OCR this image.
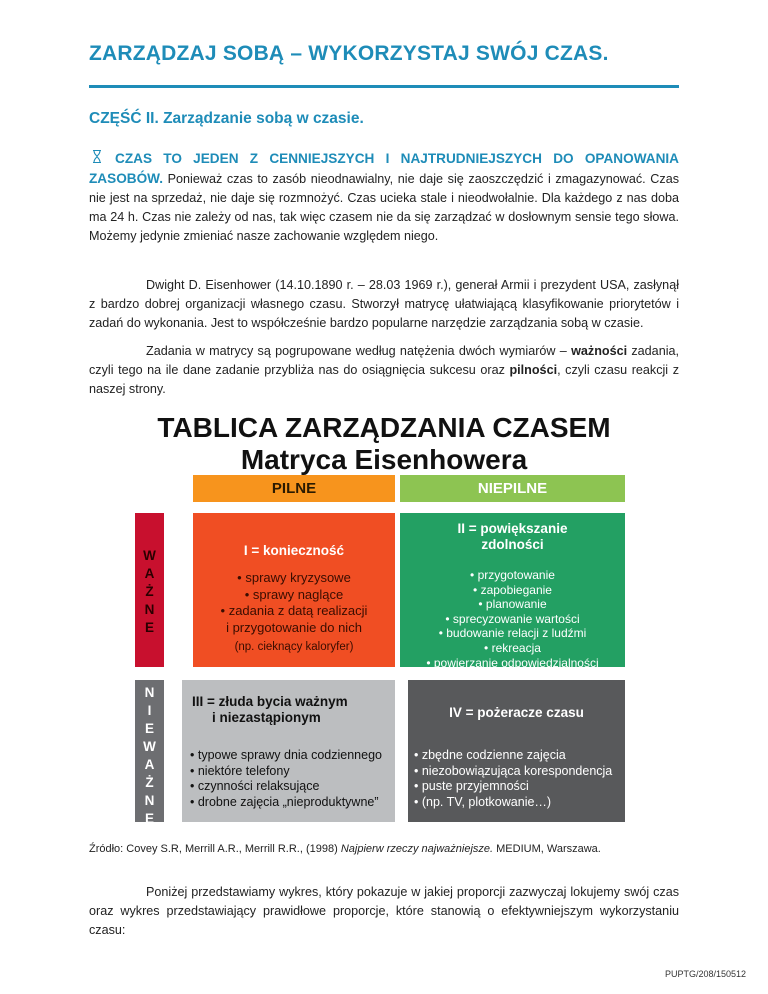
ZARZĄDZAJ SOBĄ – WYKORZYSTAJ SWÓJ CZAS.
CZĘŚĆ II. Zarządzanie sobą w czasie.
CZAS TO JEDEN Z CENNIEJSZYCH I NAJTRUDNIEJSZYCH DO OPANOWANIA ZASOBÓW. Ponieważ czas to zasób nieodnawialny, nie daje się zaoszczędzić i zmagazynować. Czas nie jest na sprzedaż, nie daje się rozmnożyć. Czas ucieka stale i nieodwołalnie. Dla każdego z nas doba ma 24 h. Czas nie zależy od nas, tak więc czasem nie da się zarządzać w dosłownym sensie tego słowa. Możemy jedynie zmieniać nasze zachowanie względem niego.
Dwight D. Eisenhower (14.10.1890 r. – 28.03 1969 r.), generał Armii i prezydent USA, zasłynął z bardzo dobrej organizacji własnego czasu. Stworzył matrycę ułatwiającą klasyfikowanie priorytetów i zadań do wykonania. Jest to współcześnie bardzo popularne narzędzie zarządzania sobą w czasie.
Zadania w matrycy są pogrupowane według natężenia dwóch wymiarów – ważności zadania, czyli tego na ile dane zadanie przybliża nas do osiągnięcia sukcesu oraz pilności, czyli czasu reakcji z naszej strony.
TABLICA ZARZĄDZANIA CZASEM
Matryca Eisenhowera
PILNE	NIEPILNE
W
A
Ż
N
E
N
I
E
W
A
Ż
N
E
I = konieczność
• sprawy kryzysowe
• sprawy naglące
• zadania z datą realizacji
i przygotowanie do nich
(np. cieknący kaloryfer)
II = powiększanie
zdolności
• przygotowanie
• zapobieganie
• planowanie
• sprecyzowanie wartości
• budowanie relacji z ludźmi
• rekreacja
• powierzanie odpowiedzialności
III = złuda bycia ważnym
i niezastąpionym
• typowe sprawy dnia codziennego
• niektóre telefony
• czynności relaksujące
• drobne zajęcia „nieproduktywne”
IV = pożeracze czasu
• zbędne codzienne zajęcia
• niezobowiązująca korespondencja
• puste przyjemności
• (np. TV, plotkowanie…)
Źródło: Covey S.R, Merrill A.R., Merrill R.R., (1998) Najpierw rzeczy najważniejsze. MEDIUM, Warszawa.
Poniżej przedstawiamy wykres, który pokazuje w jakiej proporcji zazwyczaj lokujemy swój czas oraz wykres przedstawiający prawidłowe proporcje, które stanowią o efektywniejszym wykorzystaniu czasu:
PUPTG/208/150512
